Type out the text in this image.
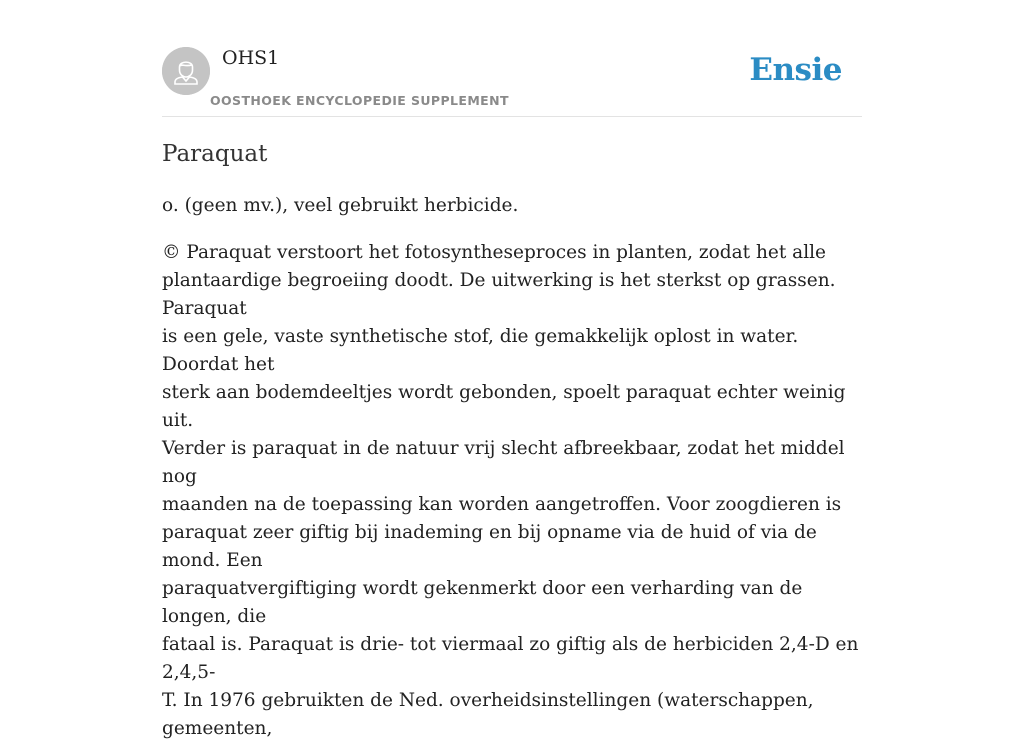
OHS1
OOSTHOEK ENCYCLOPEDIE SUPPLEMENT
Ensie
Paraquat

o. (geen mv.), veel gebruikt herbicide.

© Paraquat verstoort het fotosyntheseproces in planten, zodat het alle
plantaardige begroeiing doodt. De uitwerking is het sterkst op grassen. Paraquat
is een gele, vaste synthetische stof, die gemakkelijk oplost in water. Doordat het
sterk aan bodemdeeltjes wordt gebonden, spoelt paraquat echter weinig uit.
Verder is paraquat in de natuur vrij slecht afbreekbaar, zodat het middel nog
maanden na de toepassing kan worden aangetroffen. Voor zoogdieren is
paraquat zeer giftig bij inademing en bij opname via de huid of via de mond. Een
paraquatvergiftiging wordt gekenmerkt door een verharding van de longen, die
fataal is. Paraquat is drie- tot viermaal zo giftig als de herbiciden 2,4-D en 2,4,5-
T. In 1976 gebruikten de Ned. overheidsinstellingen (waterschappen, gemeenten,
